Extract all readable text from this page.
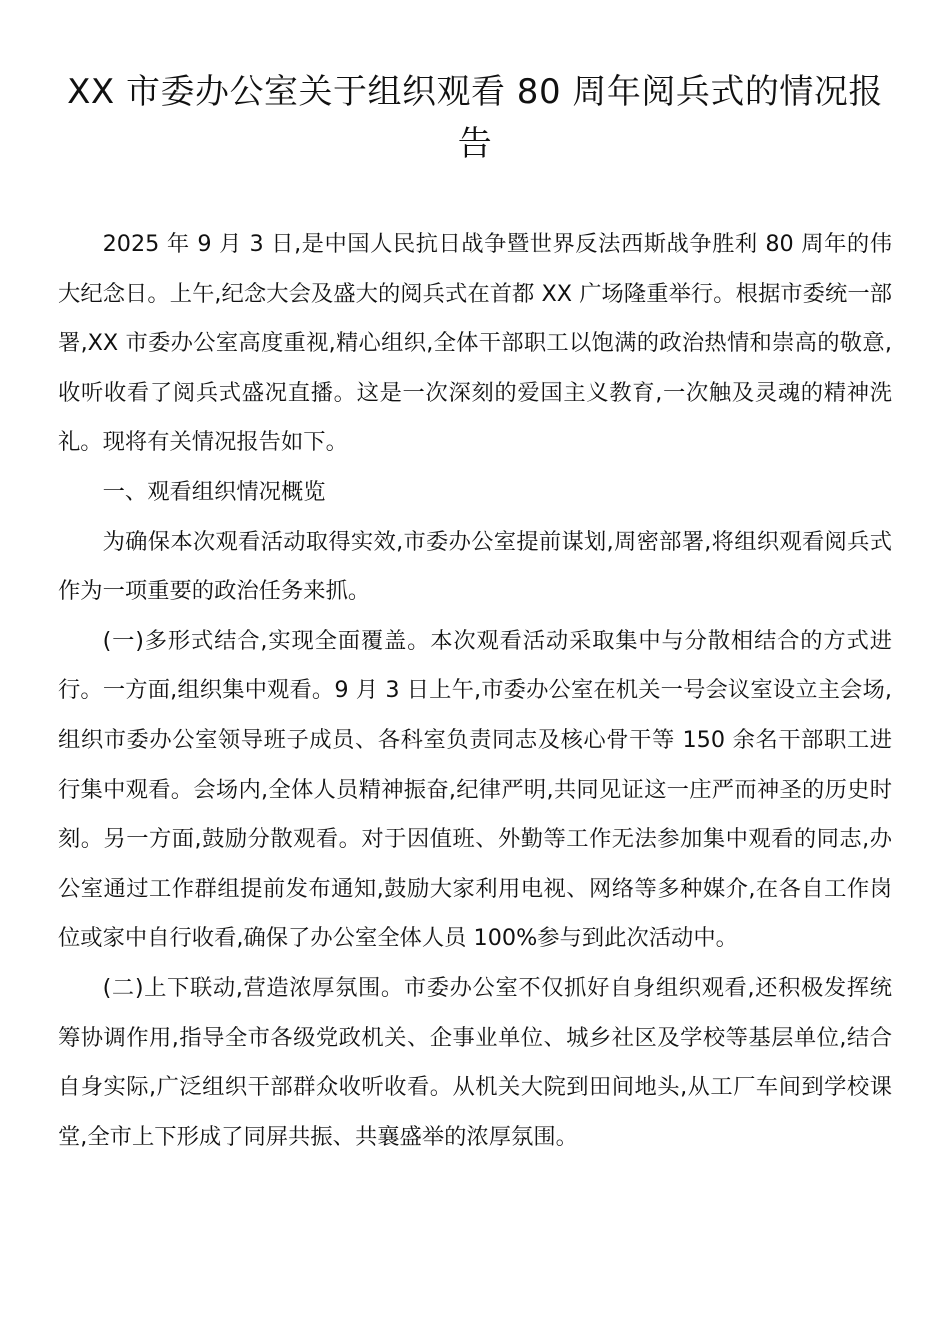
XX 市委办公室关于组织观看 80 周年阅兵式的情况报告

2025 年 9 月 3 日,是中国人民抗日战争暨世界反法西斯战争胜利 80 周年的伟大纪念日。上午,纪念大会及盛大的阅兵式在首都 XX 广场隆重举行。根据市委统一部署,XX 市委办公室高度重视,精心组织,全体干部职工以饱满的政治热情和崇高的敬意,收听收看了阅兵式盛况直播。这是一次深刻的爱国主义教育,一次触及灵魂的精神洗礼。现将有关情况报告如下。

一、观看组织情况概览

为确保本次观看活动取得实效,市委办公室提前谋划,周密部署,将组织观看阅兵式作为一项重要的政治任务来抓。

(一)多形式结合,实现全面覆盖。本次观看活动采取集中与分散相结合的方式进行。一方面,组织集中观看。9 月 3 日上午,市委办公室在机关一号会议室设立主会场,组织市委办公室领导班子成员、各科室负责同志及核心骨干等 150 余名干部职工进行集中观看。会场内,全体人员精神振奋,纪律严明,共同见证这一庄严而神圣的历史时刻。另一方面,鼓励分散观看。对于因值班、外勤等工作无法参加集中观看的同志,办公室通过工作群组提前发布通知,鼓励大家利用电视、网络等多种媒介,在各自工作岗位或家中自行收看,确保了办公室全体人员 100%参与到此次活动中。

(二)上下联动,营造浓厚氛围。市委办公室不仅抓好自身组织观看,还积极发挥统筹协调作用,指导全市各级党政机关、企事业单位、城乡社区及学校等基层单位,结合自身实际,广泛组织干部群众收听收看。从机关大院到田间地头,从工厂车间到学校课堂,全市上下形成了同屏共振、共襄盛举的浓厚氛围。
